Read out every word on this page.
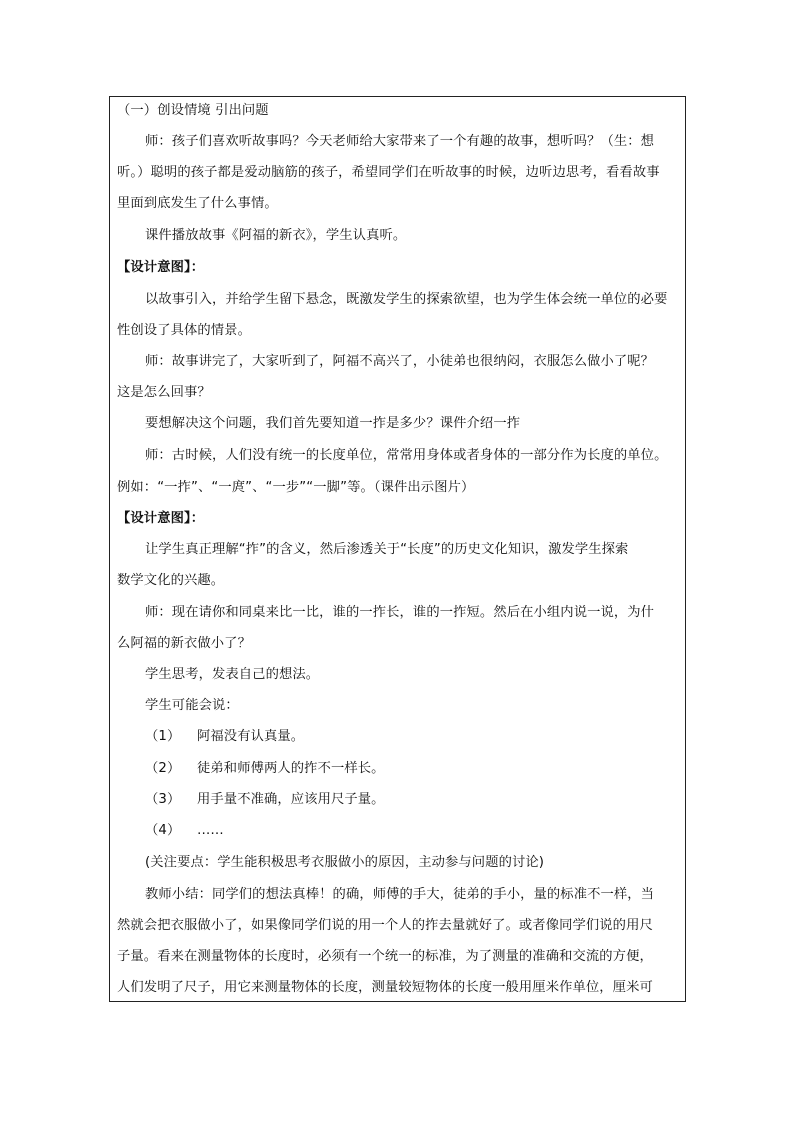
（一）创设情境 引出问题
师：孩子们喜欢听故事吗？今天老师给大家带来了一个有趣的故事，想听吗？（生：想
听。）聪明的孩子都是爱动脑筋的孩子，希望同学们在听故事的时候，边听边思考，看看故事
里面到底发生了什么事情。
课件播放故事《阿福的新衣》，学生认真听。
【设计意图】：
以故事引入，并给学生留下悬念，既激发学生的探索欲望，也为学生体会统一单位的必要
性创设了具体的情景。
师：故事讲完了，大家听到了，阿福不高兴了，小徒弟也很纳闷，衣服怎么做小了呢？
这是怎么回事？
要想解决这个问题，我们首先要知道一拃是多少？课件介绍一拃
师：古时候，人们没有统一的长度单位，常常用身体或者身体的一部分作为长度的单位。
例如：“一拃”、“一庹”、“一步”“一脚”等。（课件出示图片）
【设计意图】：
让学生真正理解“拃”的含义，然后渗透关于“长度”的历史文化知识，激发学生探索
数学文化的兴趣。
师：现在请你和同桌来比一比，谁的一拃长，谁的一拃短。然后在小组内说一说，为什
么阿福的新衣做小了？
学生思考，发表自己的想法。
学生可能会说：
（1） 阿福没有认真量。
（2） 徒弟和师傅两人的拃不一样长。
（3） 用手量不准确，应该用尺子量。
（4） ……
(关注要点：学生能积极思考衣服做小的原因，主动参与问题的讨论)
教师小结：同学们的想法真棒！的确，师傅的手大，徒弟的手小，量的标准不一样，当
然就会把衣服做小了，如果像同学们说的用一个人的拃去量就好了。或者像同学们说的用尺
子量。看来在测量物体的长度时，必须有一个统一的标准，为了测量的准确和交流的方便，
人们发明了尺子，用它来测量物体的长度，测量较短物体的长度一般用厘米作单位，厘米可
